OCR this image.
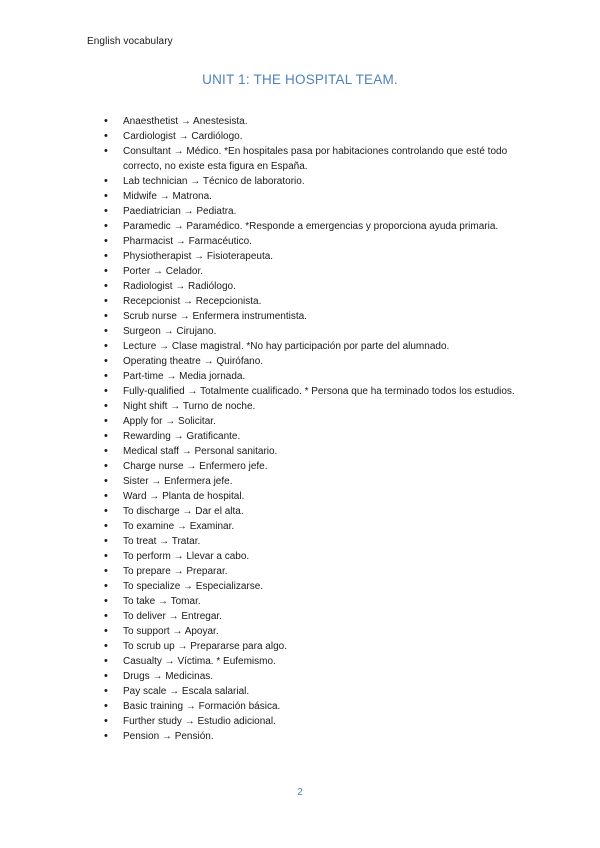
English vocabulary
UNIT 1: THE HOSPITAL TEAM.
• Anaesthetist → Anestesista.
• Cardiologist → Cardiólogo.
• Consultant → Médico. *En hospitales pasa por habitaciones controlando que esté todo correcto, no existe esta figura en España.
• Lab technician → Técnico de laboratorio.
• Midwife → Matrona.
• Paediatrician → Pediatra.
• Paramedic → Paramédico. *Responde a emergencias y proporciona ayuda primaria.
• Pharmacist → Farmacéutico.
• Physiotherapist → Fisioterapeuta.
• Porter → Celador.
• Radiologist → Radiólogo.
• Recepcionist → Recepcionista.
• Scrub nurse → Enfermera instrumentista.
• Surgeon → Cirujano.
• Lecture → Clase magistral. *No hay participación por parte del alumnado.
• Operating theatre → Quirófano.
• Part-time → Media jornada.
• Fully-qualified → Totalmente cualificado. * Persona que ha terminado todos los estudios.
• Night shift → Turno de noche.
• Apply for → Solicitar.
• Rewarding → Gratificante.
• Medical staff → Personal sanitario.
• Charge nurse → Enfermero jefe.
• Sister → Enfermera jefe.
• Ward → Planta de hospital.
• To discharge → Dar el alta.
• To examine → Examinar.
• To treat → Tratar.
• To perform → Llevar a cabo.
• To prepare → Preparar.
• To specialize → Especializarse.
• To take → Tomar.
• To deliver → Entregar.
• To support → Apoyar.
• To scrub up → Prepararse para algo.
• Casualty → Víctima. * Eufemismo.
• Drugs → Medicinas.
• Pay scale → Escala salarial.
• Basic training → Formación básica.
• Further study → Estudio adicional.
• Pension → Pensión.
2
